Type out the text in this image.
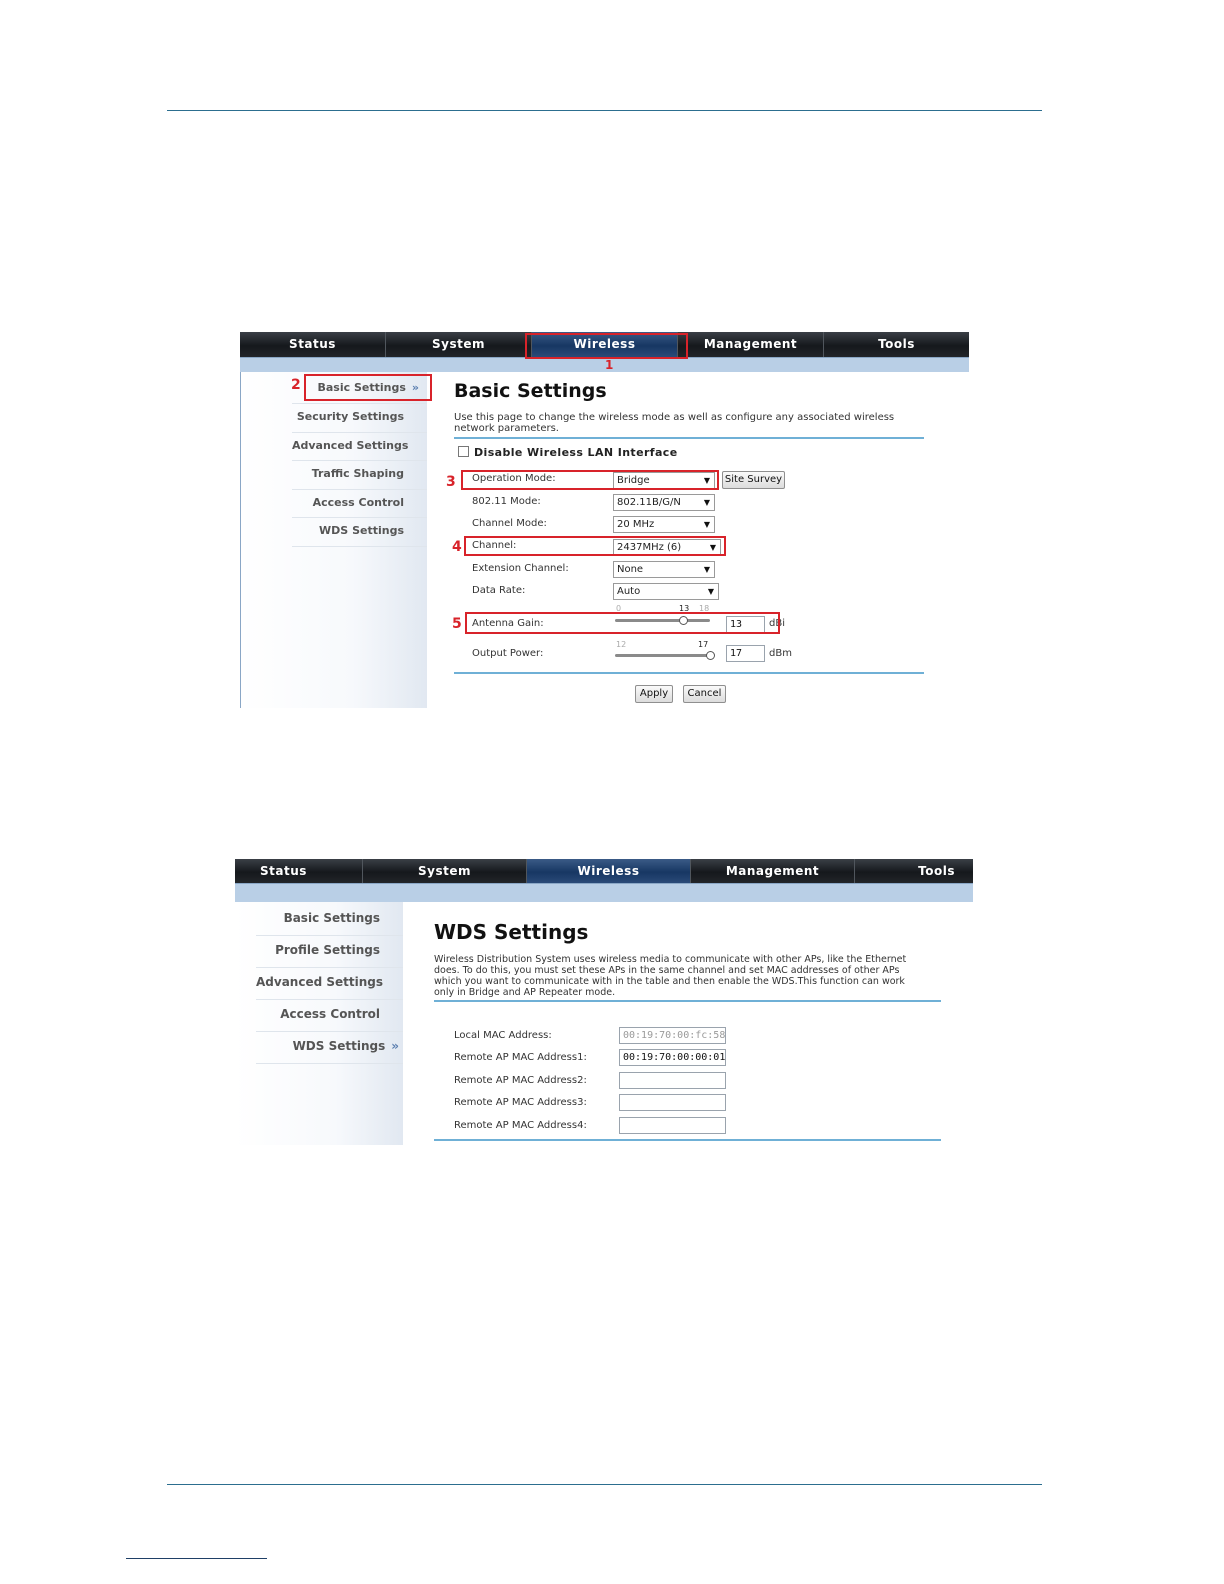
Status	System	Wireless	Management	Tools
Basic Settings »
Security Settings
Advanced Settings
Traffic Shaping
Access Control
WDS Settings
Basic Settings
Use this page to change the wireless mode as well as configure any associated wireless network parameters.
Disable Wireless LAN Interface
Operation Mode:	Bridge	▼ Site Survey
802.11 Mode:	802.11B/G/N	▼
Channel Mode:	20 MHz	▼
Channel:	2437MHz (6)	▼
Extension Channel:	None	▼
Data Rate:	Auto	▼
0	13 18
Antenna Gain:	13	dBi
12	17
Output Power:	17	dBm
Apply	Cancel
1
2
3
4
5
Status	System	Wireless	Management	Tools
Basic Settings
Profile Settings
Advanced Settings
Access Control
WDS Settings »
WDS Settings
Wireless Distribution System uses wireless media to communicate with other APs, like the Ethernet does. To do this, you must set these APs in the same channel and set MAC addresses of other APs which you want to communicate with in the table and then enable the WDS.This function can work only in Bridge and AP Repeater mode.
Local MAC Address:	00:19:70:00:fc:58
Remote AP MAC Address1:	00:19:70:00:00:01
Remote AP MAC Address2:
Remote AP MAC Address3:
Remote AP MAC Address4:
